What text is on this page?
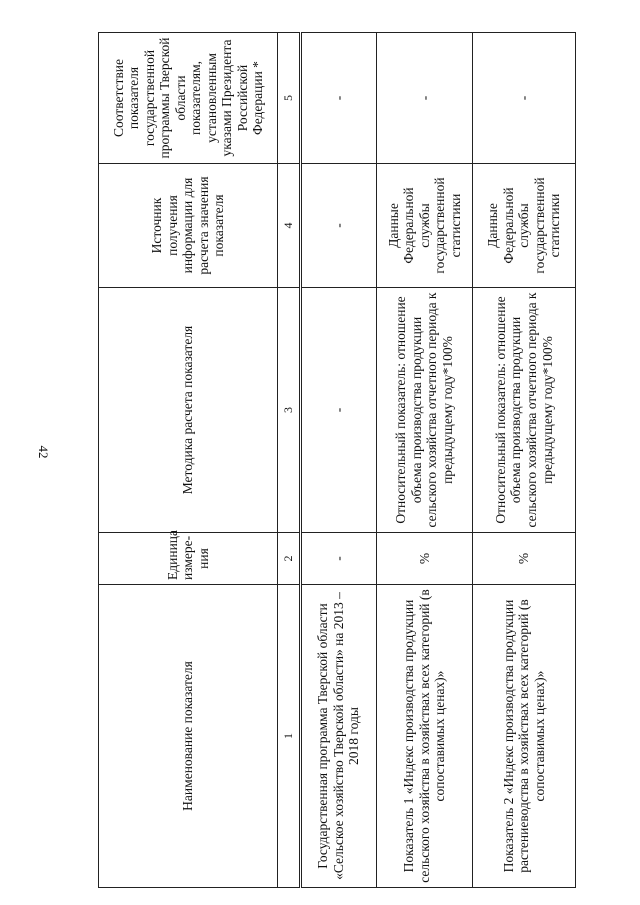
42
Наименование показателя	Единица измере-ния	Методика расчета показателя	Источник получения информации для расчета значения показателя	Соответствие показателя государственной программы Тверской области показателям, установленным указами Президента Российской Федерации *
1	2	3	4	5
Государственная программа Тверской области «Сельское хозяйство Тверской области» на 2013 – 2018 годы	-	-	-	-
Показатель 1 «Индекс производства продукции сельского хозяйства в хозяйствах всех категорий (в сопоставимых ценах)»	%	Относительный показатель: отношение объема производства продукции сельского хозяйства отчетного периода к предыдущему году*100%	Данные Федеральной службы государственной статистики	-
Показатель 2 «Индекс производства продукции растениеводства в хозяйствах всех категорий (в сопоставимых ценах)»	%	Относительный показатель: отношение объема производства продукции сельского хозяйства отчетного периода к предыдущему году*100%	Данные Федеральной службы государственной статистики	-
